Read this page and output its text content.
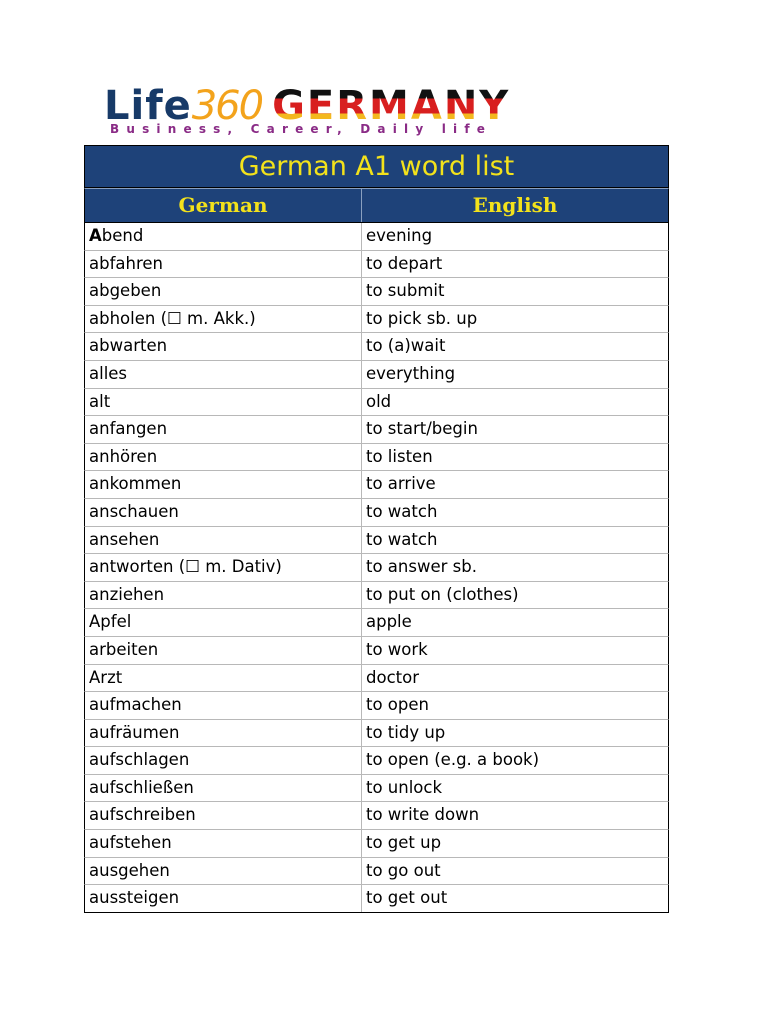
Life360 GERMANY
Business, Career, Daily life
German A1 word list
German	English
Abend	evening
abfahren	to depart
abgeben	to submit
abholen (☐ m. Akk.)	to pick sb. up
abwarten	to (a)wait
alles	everything
alt	old
anfangen	to start/begin
anhören	to listen
ankommen	to arrive
anschauen	to watch
ansehen	to watch
antworten (☐ m. Dativ)	to answer sb.
anziehen	to put on (clothes)
Apfel	apple
arbeiten	to work
Arzt	doctor
aufmachen	to open
aufräumen	to tidy up
aufschlagen	to open (e.g. a book)
aufschließen	to unlock
aufschreiben	to write down
aufstehen	to get up
ausgehen	to go out
aussteigen	to get out
